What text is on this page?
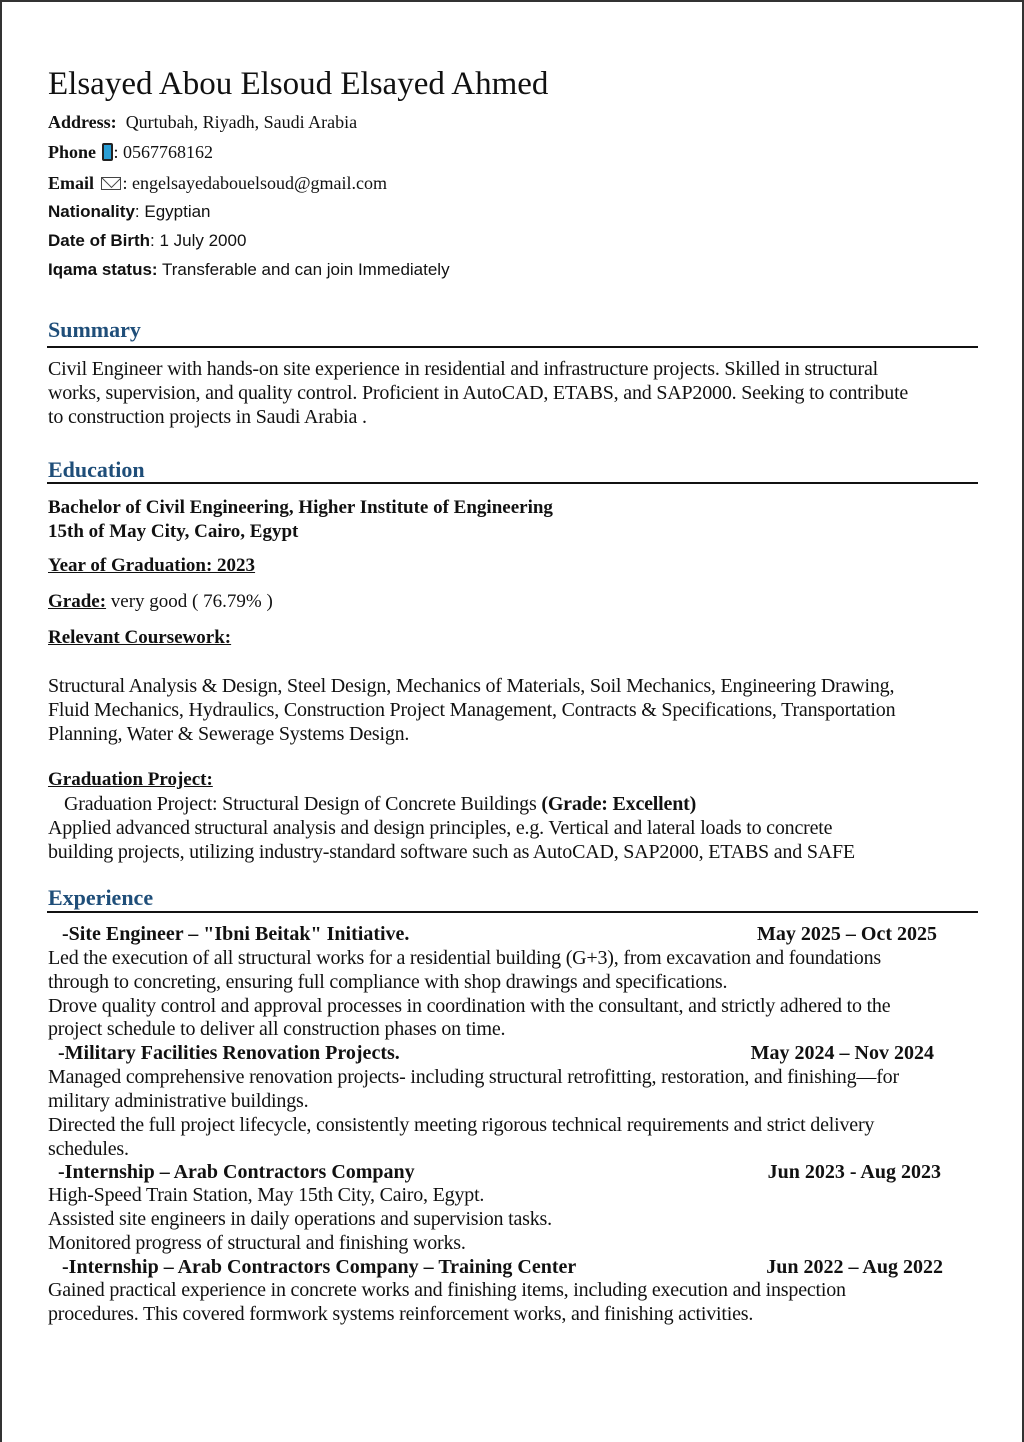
Elsayed Abou Elsoud Elsayed Ahmed
Address: Qurtubah, Riyadh, Saudi Arabia
Phone : 0567768162
Email : engelsayedabouelsoud@gmail.com
Nationality: Egyptian
Date of Birth: 1 July 2000
Iqama status: Transferable and can join Immediately
Summary
Civil Engineer with hands-on site experience in residential and infrastructure projects. Skilled in structural
works, supervision, and quality control. Proficient in AutoCAD, ETABS, and SAP2000. Seeking to contribute
to construction projects in Saudi Arabia .
Education
Bachelor of Civil Engineering, Higher Institute of Engineering
15th of May City, Cairo, Egypt
Year of Graduation: 2023
Grade: very good ( 76.79% )
Relevant Coursework:
Structural Analysis & Design, Steel Design, Mechanics of Materials, Soil Mechanics, Engineering Drawing,
Fluid Mechanics, Hydraulics, Construction Project Management, Contracts & Specifications, Transportation
Planning, Water & Sewerage Systems Design.
Graduation Project:
Graduation Project: Structural Design of Concrete Buildings (Grade: Excellent)
Applied advanced structural analysis and design principles, e.g. Vertical and lateral loads to concrete
building projects, utilizing industry-standard software such as AutoCAD, SAP2000, ETABS and SAFE
Experience
-Site Engineer – "Ibni Beitak" Initiative.	May 2025 – Oct 2025
Led the execution of all structural works for a residential building (G+3), from excavation and foundations
through to concreting, ensuring full compliance with shop drawings and specifications.
Drove quality control and approval processes in coordination with the consultant, and strictly adhered to the
project schedule to deliver all construction phases on time.
-Military Facilities Renovation Projects.	May 2024 – Nov 2024
Managed comprehensive renovation projects- including structural retrofitting, restoration, and finishing—for
military administrative buildings.
Directed the full project lifecycle, consistently meeting rigorous technical requirements and strict delivery
schedules.
-Internship – Arab Contractors Company	Jun 2023 - Aug 2023
High-Speed Train Station, May 15th City, Cairo, Egypt.
Assisted site engineers in daily operations and supervision tasks.
Monitored progress of structural and finishing works.
-Internship – Arab Contractors Company – Training Center	Jun 2022 – Aug 2022
Gained practical experience in concrete works and finishing items, including execution and inspection
procedures. This covered formwork systems reinforcement works, and finishing activities.
